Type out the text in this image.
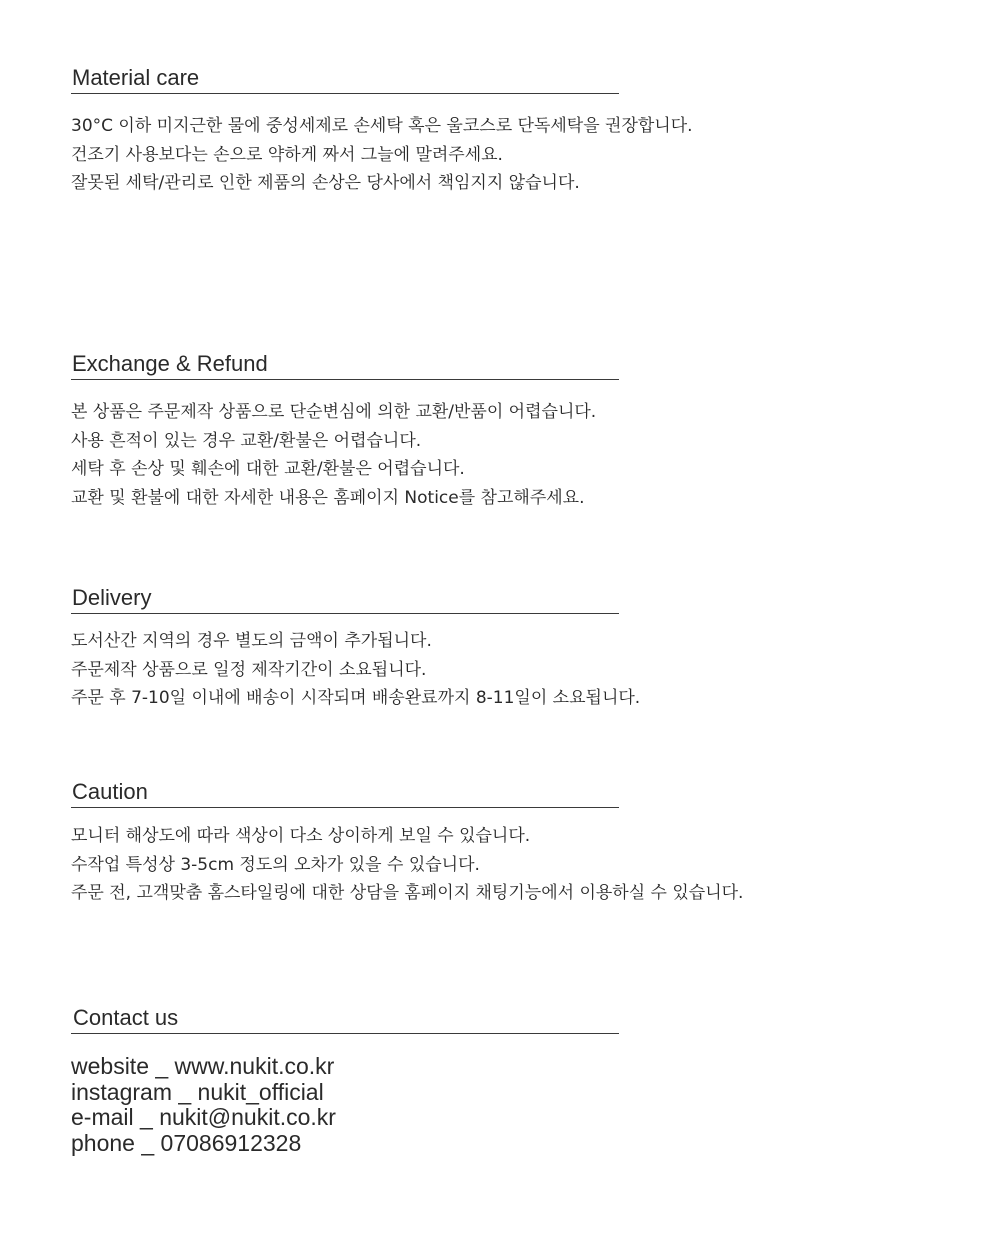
Material care
30°C 이하 미지근한 물에 중성세제로 손세탁 혹은 울코스로 단독세탁을 권장합니다.
건조기 사용보다는 손으로 약하게 짜서 그늘에 말려주세요.
잘못된 세탁/관리로 인한 제품의 손상은 당사에서 책임지지 않습니다.
Exchange & Refund
본 상품은 주문제작 상품으로 단순변심에 의한 교환/반품이 어렵습니다.
사용 흔적이 있는 경우 교환/환불은 어렵습니다.
세탁 후 손상 및 훼손에 대한 교환/환불은 어렵습니다.
교환 및 환불에 대한 자세한 내용은 홈페이지 Notice를 참고해주세요.
Delivery
도서산간 지역의 경우 별도의 금액이 추가됩니다.
주문제작 상품으로 일정 제작기간이 소요됩니다.
주문 후 7-10일 이내에 배송이 시작되며 배송완료까지 8-11일이 소요됩니다.
Caution
모니터 해상도에 따라 색상이 다소 상이하게 보일 수 있습니다.
수작업 특성상 3-5cm 정도의 오차가 있을 수 있습니다.
주문 전, 고객맞춤 홈스타일링에 대한 상담을 홈페이지 채팅기능에서 이용하실 수 있습니다.
Contact us
website _ www.nukit.co.kr
instagram _ nukit_official
e-mail _ nukit@nukit.co.kr
phone _ 07086912328
